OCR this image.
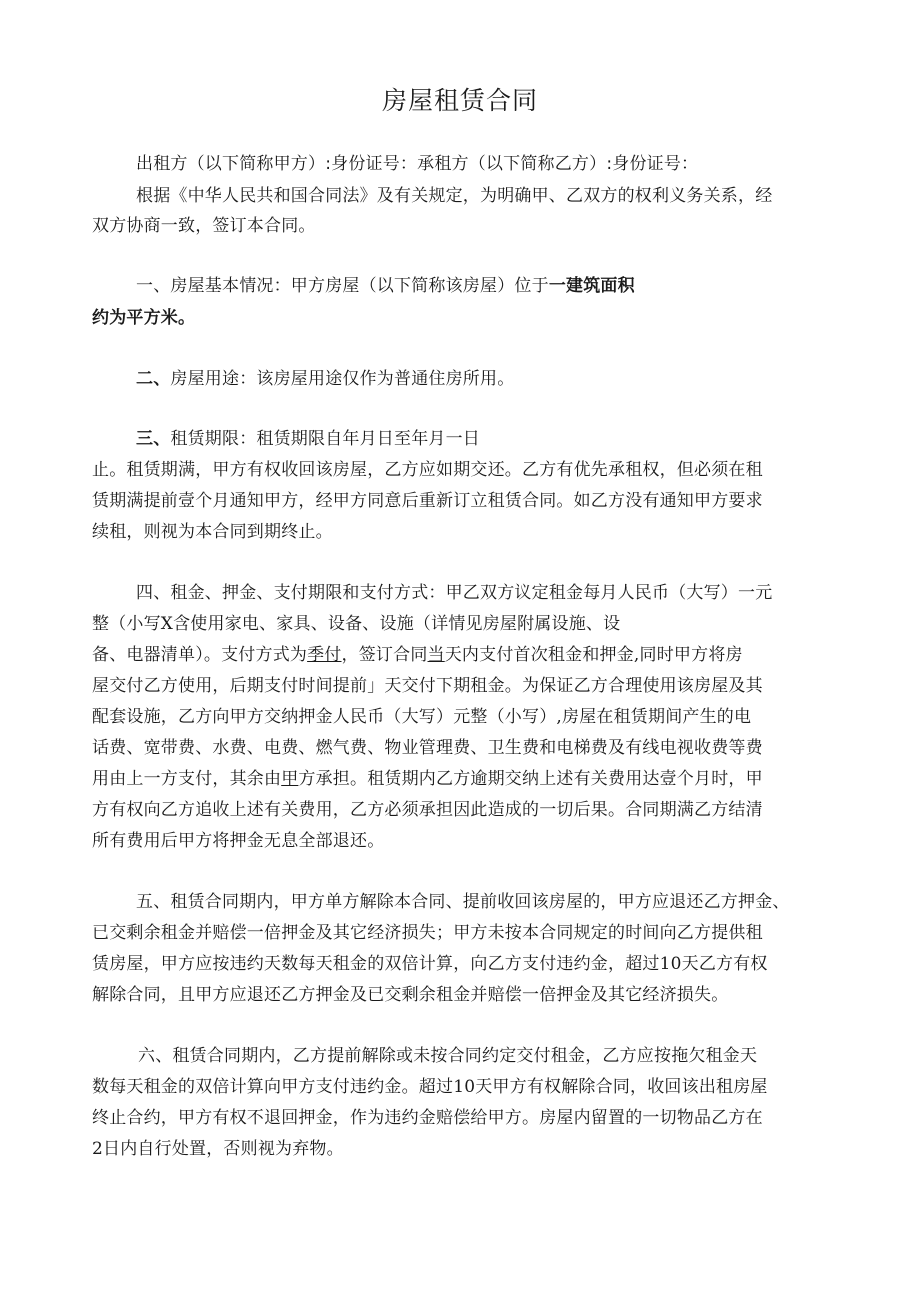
房屋租赁合同
出租方（以下简称甲方）:身份证号：承租方（以下简称乙方）:身份证号：
根据《中华人民共和国合同法》及有关规定，为明确甲、乙双方的权利义务关系，经
双方协商一致，签订本合同。
一、房屋基本情况：甲方房屋（以下简称该房屋）位于一建筑面积
约为平方米。
二、房屋用途：该房屋用途仅作为普通住房所用。
三、租赁期限：租赁期限自年月日至年月一日
止。租赁期满，甲方有权收回该房屋，乙方应如期交还。乙方有优先承租权，但必须在租
赁期满提前壹个月通知甲方，经甲方同意后重新订立租赁合同。如乙方没有通知甲方要求
续租，则视为本合同到期终止。
四、租金、押金、支付期限和支付方式：甲乙双方议定租金每月人民币（大写）一元
整（小写X含使用家电、家具、设备、设施（详情见房屋附属设施、设
备、电器清单）。支付方式为季付，签订合同当天内支付首次租金和押金,同时甲方将房
屋交付乙方使用，后期支付时间提前」天交付下期租金。为保证乙方合理使用该房屋及其
配套设施，乙方向甲方交纳押金人民币（大写）元整（小写）,房屋在租赁期间产生的电
话费、宽带费、水费、电费、燃气费、物业管理费、卫生费和电梯费及有线电视收费等费
用由上一方支付，其余由甲方承担。租赁期内乙方逾期交纳上述有关费用达壹个月时，甲
方有权向乙方追收上述有关费用，乙方必须承担因此造成的一切后果。合同期满乙方结清
所有费用后甲方将押金无息全部退还。
五、租赁合同期内，甲方单方解除本合同、提前收回该房屋的，甲方应退还乙方押金、
已交剩余租金并赔偿一倍押金及其它经济损失；甲方未按本合同规定的时间向乙方提供租
赁房屋，甲方应按违约天数每天租金的双倍计算，向乙方支付违约金，超过10天乙方有权
解除合同，且甲方应退还乙方押金及已交剩余租金并赔偿一倍押金及其它经济损失。
六、租赁合同期内，乙方提前解除或未按合同约定交付租金，乙方应按拖欠租金天
数每天租金的双倍计算向甲方支付违约金。超过10天甲方有权解除合同，收回该出租房屋
终止合约，甲方有权不退回押金，作为违约金赔偿给甲方。房屋内留置的一切物品乙方在
2日内自行处置，否则视为弃物。
